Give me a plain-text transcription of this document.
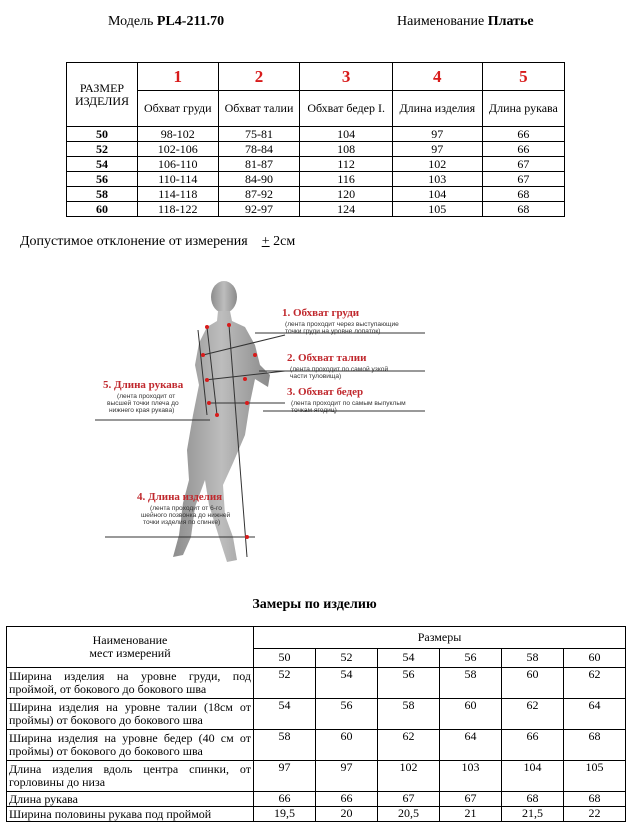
Модель PL4-211.70	Наименование Платье
РАЗМЕР ИЗДЕЛИЯ	1	2	3	4	5
	Обхват груди	Обхват талии	Обхват бедер I.	Длина изделия	Длина рукава
50	98-102	75-81	104	97	66
52	102-106	78-84	108	97	66
54	106-110	81-87	112	102	67
56	110-114	84-90	116	103	67
58	114-118	87-92	120	104	68
60	118-122	92-97	124	105	68
Допустимое отклонение от измерения + 2см
1. Обхват груди
(лента проходит через выступающие
точки груди на уровне лопаток)
2. Обхват талии
(лента проходит по самой узкой
части туловища)
3. Обхват бедер
(лента проходит по самым выпуклым
точкам ягодиц)
5. Длина рукава
(лента проходит от
высшей точки плеча до
нижнего края рукава)
4. Длина изделия
(лента проходит от 6-го
шейного позвонка до нижней
точки изделия по спинке)
Замеры по изделию
Наименование
мест измерений	Размеры					
	50	52	54	56	58	60
Ширина изделия на уровне груди, под проймой, от бокового до бокового шва	52	54	56	58	60	62
Ширина изделия на уровне талии (18см от проймы) от бокового до бокового шва	54	56	58	60	62	64
Ширина изделия на уровне бедер (40 см от проймы) от бокового до бокового шва	58	60	62	64	66	68
Длина изделия вдоль центра спинки, от горловины до низа	97	97	102	103	104	105
Длина рукава	66	66	67	67	68	68
Ширина половины рукава под проймой	19,5	20	20,5	21	21,5	22
